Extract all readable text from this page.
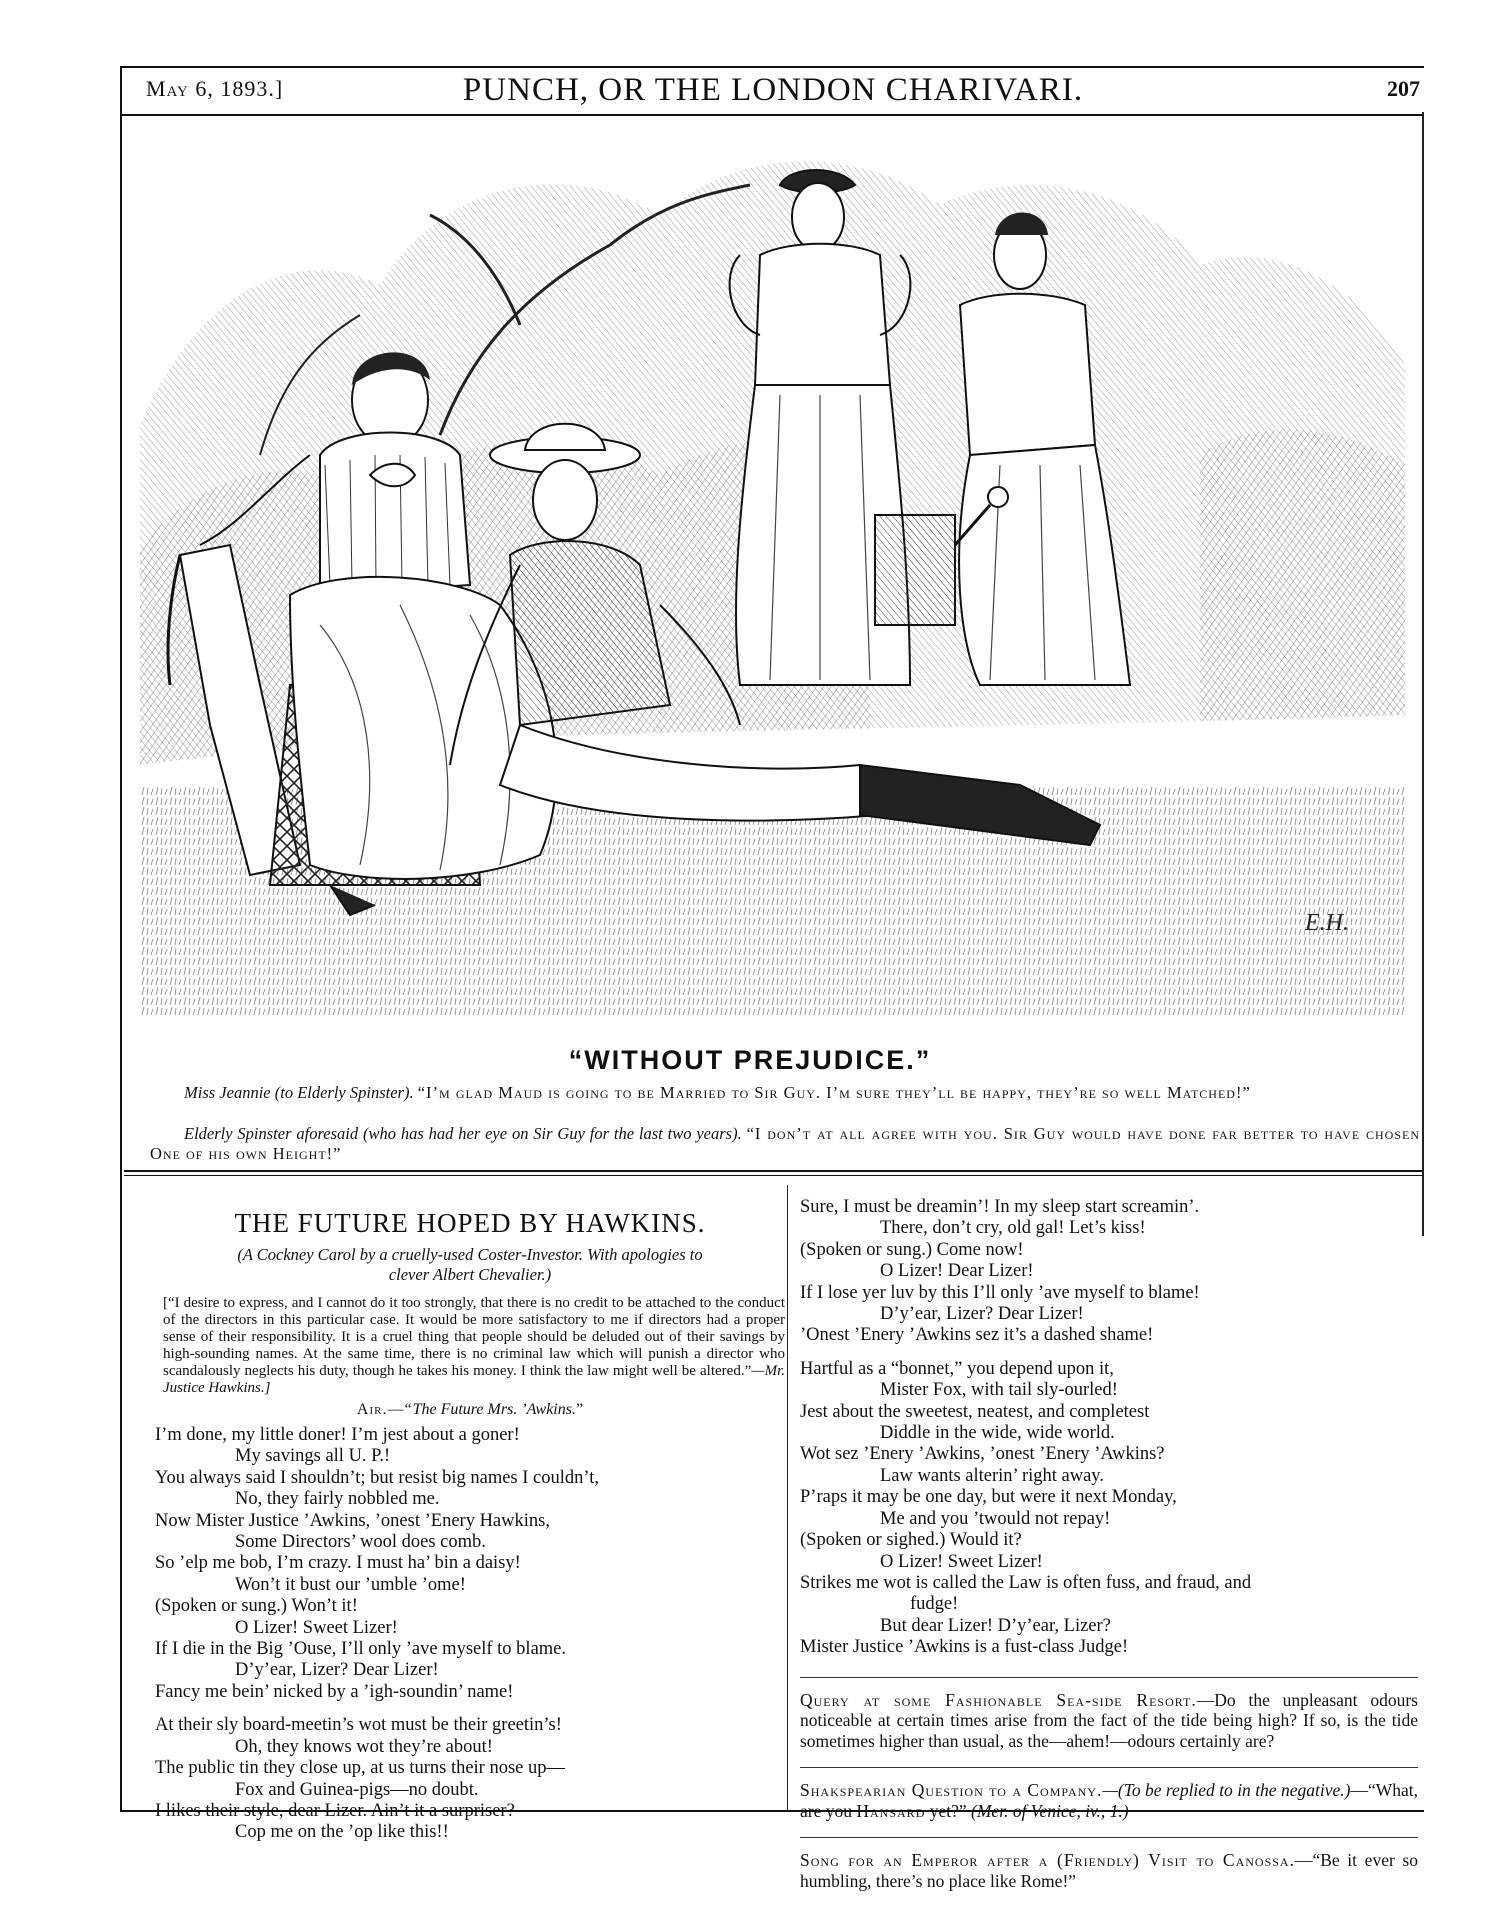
May 6, 1893.]	PUNCH, OR THE LONDON CHARIVARI.	207
E.H.
“WITHOUT PREJUDICE.”
Miss Jeannie (to Elderly Spinster). “I’m glad Maud is going to be Married to Sir Guy. I’m sure they’ll be happy, they’re so well Matched!”
Elderly Spinster aforesaid (who has had her eye on Sir Guy for the last two years). “I don’t at all agree with you. Sir Guy would have done far better to have chosen One of his own Height!”
THE FUTURE HOPED BY HAWKINS.
(A Cockney Carol by a cruelly-used Coster-Investor. With apologies to
clever Albert Chevalier.)
[“I desire to express, and I cannot do it too strongly, that there is no credit to be attached to the conduct of the directors in this particular case. It would be more satisfactory to me if directors had a proper sense of their responsibility. It is a cruel thing that people should be deluded out of their savings by high-sounding names. At the same time, there is no criminal law which will punish a director who scandalously neglects his duty, though he takes his money. I think the law might well be altered.”—Mr. Justice Hawkins.]
Air.—“The Future Mrs. ’Awkins.”
I’m done, my little doner! I’m jest about a goner!
My savings all U. P.!
You always said I shouldn’t; but resist big names I couldn’t,
No, they fairly nobbled me.
Now Mister Justice ’Awkins, ’onest ’Enery Hawkins,
Some Directors’ wool does comb.
So ’elp me bob, I’m crazy. I must ha’ bin a daisy!
Won’t it bust our ’umble ’ome!
(Spoken or sung.) Won’t it!
O Lizer! Sweet Lizer!
If I die in the Big ’Ouse, I’ll only ’ave myself to blame.
D’y’ear, Lizer? Dear Lizer!
Fancy me bein’ nicked by a ’igh-soundin’ name!
At their sly board-meetin’s wot must be their greetin’s!
Oh, they knows wot they’re about!
The public tin they close up, at us turns their nose up—
Fox and Guinea-pigs—no doubt.
I likes their style, dear Lizer. Ain’t it a surpriser?
Cop me on the ’op like this!!
Sure, I must be dreamin’! In my sleep start screamin’.
There, don’t cry, old gal! Let’s kiss!
(Spoken or sung.) Come now!
O Lizer! Dear Lizer!
If I lose yer luv by this I’ll only ’ave myself to blame!
D’y’ear, Lizer? Dear Lizer!
’Onest ’Enery ’Awkins sez it’s a dashed shame!
Hartful as a “bonnet,” you depend upon it,
Mister Fox, with tail sly-ourled!
Jest about the sweetest, neatest, and completest
Diddle in the wide, wide world.
Wot sez ’Enery ’Awkins, ’onest ’Enery ’Awkins?
Law wants alterin’ right away.
P’raps it may be one day, but were it next Monday,
Me and you ’twould not repay!
(Spoken or sighed.) Would it?
O Lizer! Sweet Lizer!
Strikes me wot is called the Law is often fuss, and fraud, and
fudge!
But dear Lizer! D’y’ear, Lizer?
Mister Justice ’Awkins is a fust-class Judge!
Query at some Fashionable Sea-side Resort.—Do the unpleasant odours noticeable at certain times arise from the fact of the tide being high? If so, is the tide sometimes higher than usual, as the—ahem!—odours certainly are?
Shakspearian Question to a Company.—(To be replied to in the negative.)—“What, are you Hansard yet?” (Mer. of Venice, iv., 1.)
Song for an Emperor after a (Friendly) Visit to Canossa.—“Be it ever so humbling, there’s no place like Rome!”
